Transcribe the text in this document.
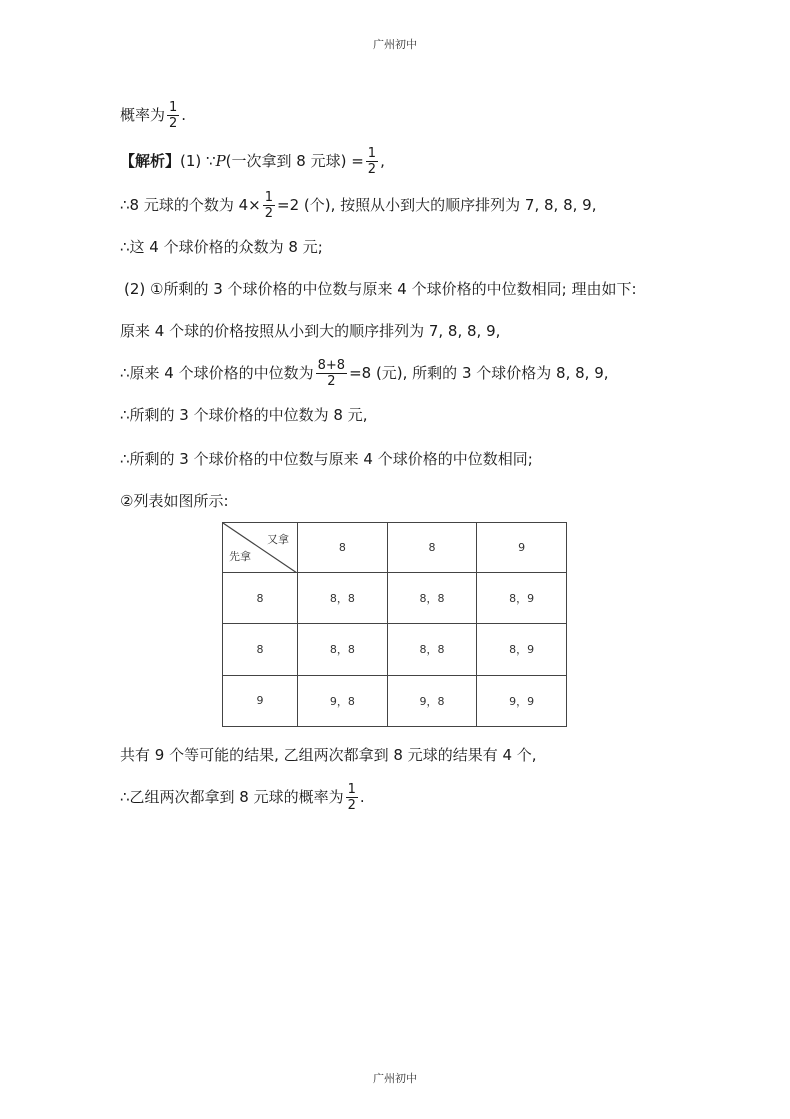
广州初中
概率为 $\frac{1}{2}$ .
【解析】(1) ∵P(一次拿到 8 元球) = $\frac{1}{2}$ ,
∴8 元球的个数为 $4\times \frac{1}{2} =2$ (个), 按照从小到大的顺序排列为 7, 8, 8, 9,
∴这 4 个球价格的众数为 8 元;
(2) ①所剩的 3 个球价格的中位数与原来 4 个球价格的中位数相同; 理由如下:
原来 4 个球的价格按照从小到大的顺序排列为 7, 8, 8, 9,
∴原来 4 个球价格的中位数为 $\frac{8+8}{2} =8$ (元), 所剩的 3 个球价格为 8, 8, 9,
∴所剩的 3 个球价格的中位数为 8 元,
∴所剩的 3 个球价格的中位数与原来 4 个球价格的中位数相同;
②列表如图所示:
又拿
先拿	8	8	9
8	8，8	8，8	8，9
8	8，8	8，8	8，9
9	9，8	9，8	9，9
共有 9 个等可能的结果, 乙组两次都拿到 8 元球的结果有 4 个,
∴乙组两次都拿到 8 元球的概率为 $\frac{1}{2}$ .
广州初中
